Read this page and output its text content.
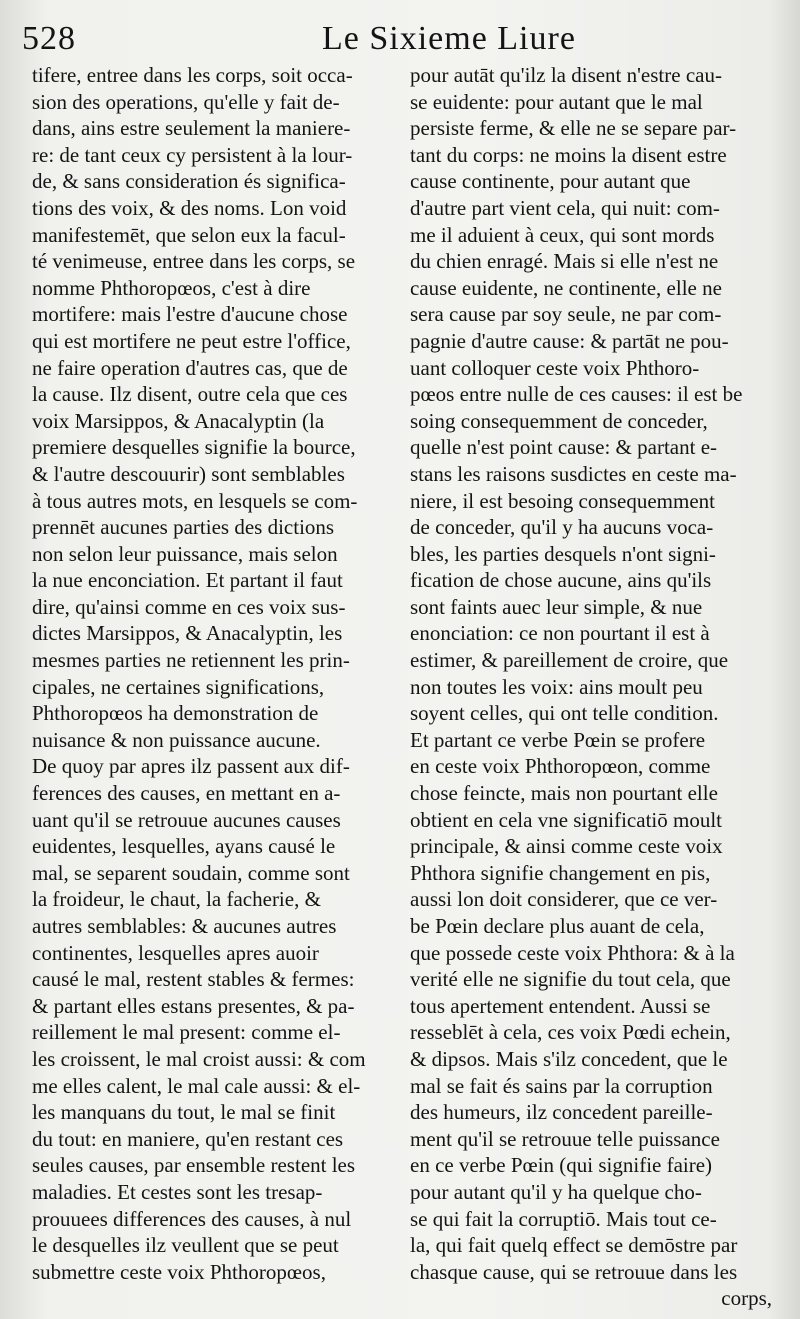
528	Le Sixieme Liure
tifere, entree dans les corps, soit occa-
sion des operations, qu'elle y fait de-
dans, ains estre seulement la maniere-
re: de tant ceux cy persistent à la lour-
de, & sans consideration és significa-
tions des voix, & des noms. Lon void
manifestemēt, que selon eux la facul-
té venimeuse, entree dans les corps, se
nomme Phthoropœos, c'est à dire
mortifere: mais l'estre d'aucune chose
qui est mortifere ne peut estre l'office,
ne faire operation d'autres cas, que de
la cause. Ilz disent, outre cela que ces
voix Marsippos, & Anacalyptin (la
premiere desquelles signifie la bource,
& l'autre descouurir) sont semblables
à tous autres mots, en lesquels se com-
prennēt aucunes parties des dictions
non selon leur puissance, mais selon
la nue enconciation. Et partant il faut
dire, qu'ainsi comme en ces voix sus-
dictes Marsippos, & Anacalyptin, les
mesmes parties ne retiennent les prin-
cipales, ne certaines significations,
Phthoropœos ha demonstration de
nuisance & non puissance aucune.
De quoy par apres ilz passent aux dif-
ferences des causes, en mettant en a-
uant qu'il se retrouue aucunes causes
euidentes, lesquelles, ayans causé le
mal, se separent soudain, comme sont
la froideur, le chaut, la facherie, &
autres semblables: & aucunes autres
continentes, lesquelles apres auoir
causé le mal, restent stables & fermes:
& partant elles estans presentes, & pa-
reillement le mal present: comme el-
les croissent, le mal croist aussi: & com
me elles calent, le mal cale aussi: & el-
les manquans du tout, le mal se finit
du tout: en maniere, qu'en restant ces
seules causes, par ensemble restent les
maladies. Et cestes sont les tresap-
prouuees differences des causes, à nul
le desquelles ilz veullent que se peut
submettre ceste voix Phthoropœos,
pour autāt qu'ilz la disent n'estre cau-
se euidente: pour autant que le mal
persiste ferme, & elle ne se separe par-
tant du corps: ne moins la disent estre
cause continente, pour autant que
d'autre part vient cela, qui nuit: com-
me il aduient à ceux, qui sont mords
du chien enragé. Mais si elle n'est ne
cause euidente, ne continente, elle ne
sera cause par soy seule, ne par com-
pagnie d'autre cause: & partāt ne pou-
uant colloquer ceste voix Phthoro-
pœos entre nulle de ces causes: il est be
soing consequemment de conceder,
quelle n'est point cause: & partant e-
stans les raisons susdictes en ceste ma-
niere, il est besoing consequemment
de conceder, qu'il y ha aucuns voca-
bles, les parties desquels n'ont signi-
fication de chose aucune, ains qu'ils
sont faints auec leur simple, & nue
enonciation: ce non pourtant il est à
estimer, & pareillement de croire, que
non toutes les voix: ains moult peu
soyent celles, qui ont telle condition.
Et partant ce verbe Pœin se profere
en ceste voix Phthoropœon, comme
chose feincte, mais non pourtant elle
obtient en cela vne significatiō moult
principale, & ainsi comme ceste voix
Phthora signifie changement en pis,
aussi lon doit considerer, que ce ver-
be Pœin declare plus auant de cela,
que possede ceste voix Phthora: & à la
verité elle ne signifie du tout cela, que
tous apertement entendent. Aussi se
resseblēt à cela, ces voix Pœdi echein,
& dipsos. Mais s'ilz concedent, que le
mal se fait és sains par la corruption
des humeurs, ilz concedent pareille-
ment qu'il se retrouue telle puissance
en ce verbe Pœin (qui signifie faire)
pour autant qu'il y ha quelque cho-
se qui fait la corruptiō. Mais tout ce-
la, qui fait quelq effect se demōstre par
chasque cause, qui se retrouue dans les
corps,
